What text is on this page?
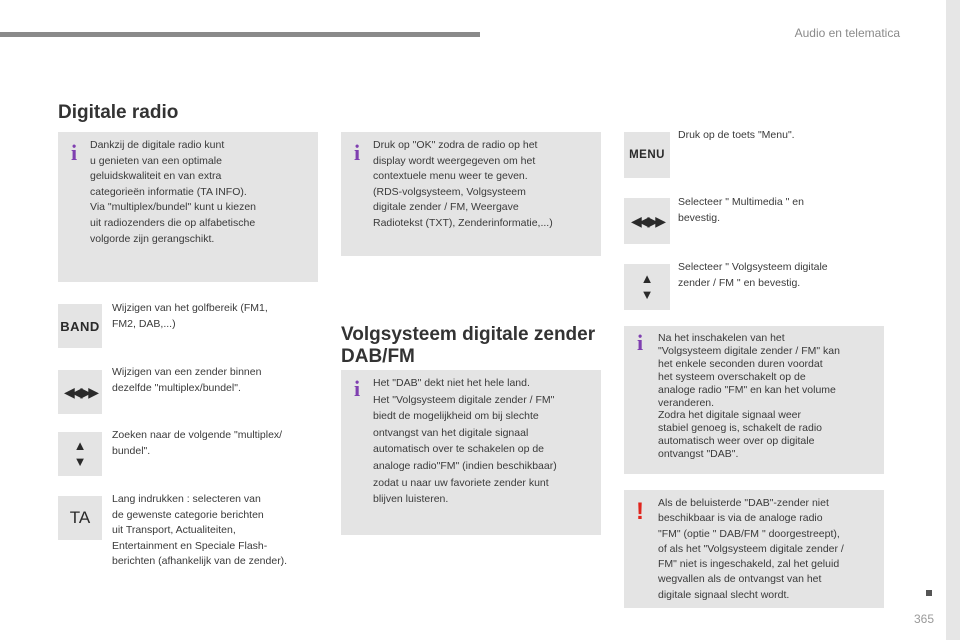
Audio en telematica
Digitale radio
i Dankzij de digitale radio kunt
u genieten van een optimale
geluidskwaliteit en van extra
categorieën informatie (TA INFO).
Via "multiplex/bundel" kunt u kiezen
uit radiozenders die op alfabetische
volgorde zijn gerangschikt.
BAND
Wijzigen van het golfbereik (FM1,
FM2, DAB,...)
◀◀ ▶▶
Wijzigen van een zender binnen
dezelfde "multiplex/bundel".
▲
▼
Zoeken naar de volgende "multiplex/
bundel".
TA
Lang indrukken : selecteren van
de gewenste categorie berichten
uit Transport, Actualiteiten,
Entertainment en Speciale Flash-
berichten (afhankelijk van de zender).
i Druk op "OK" zodra de radio op het
display wordt weergegeven om het
contextuele menu weer te geven.
(RDS-volgsysteem, Volgsysteem
digitale zender / FM, Weergave
Radiotekst (TXT), Zenderinformatie,...)
Volgsysteem digitale zender
DAB/FM
i Het "DAB" dekt niet het hele land.
Het "Volgsysteem digitale zender / FM"
biedt de mogelijkheid om bij slechte
ontvangst van het digitale signaal
automatisch over te schakelen op de
analoge radio"FM" (indien beschikbaar)
zodat u naar uw favoriete zender kunt
blijven luisteren.
MENU
Druk op de toets "Menu".
◀◀ ▶▶
Selecteer " Multimedia " en
bevestig.
▲
▼
Selecteer " Volgsysteem digitale
zender / FM " en bevestig.
i Na het inschakelen van het
"Volgsysteem digitale zender / FM" kan
het enkele seconden duren voordat
het systeem overschakelt op de
analoge radio "FM" en kan het volume
veranderen.
Zodra het digitale signaal weer
stabiel genoeg is, schakelt de radio
automatisch weer over op digitale
ontvangst "DAB".
! Als de beluisterde "DAB"-zender niet
beschikbaar is via de analoge radio
"FM" (optie " DAB/FM " doorgestreept),
of als het "Volgsysteem digitale zender /
FM" niet is ingeschakeld, zal het geluid
wegvallen als de ontvangst van het
digitale signaal slecht wordt.
365
